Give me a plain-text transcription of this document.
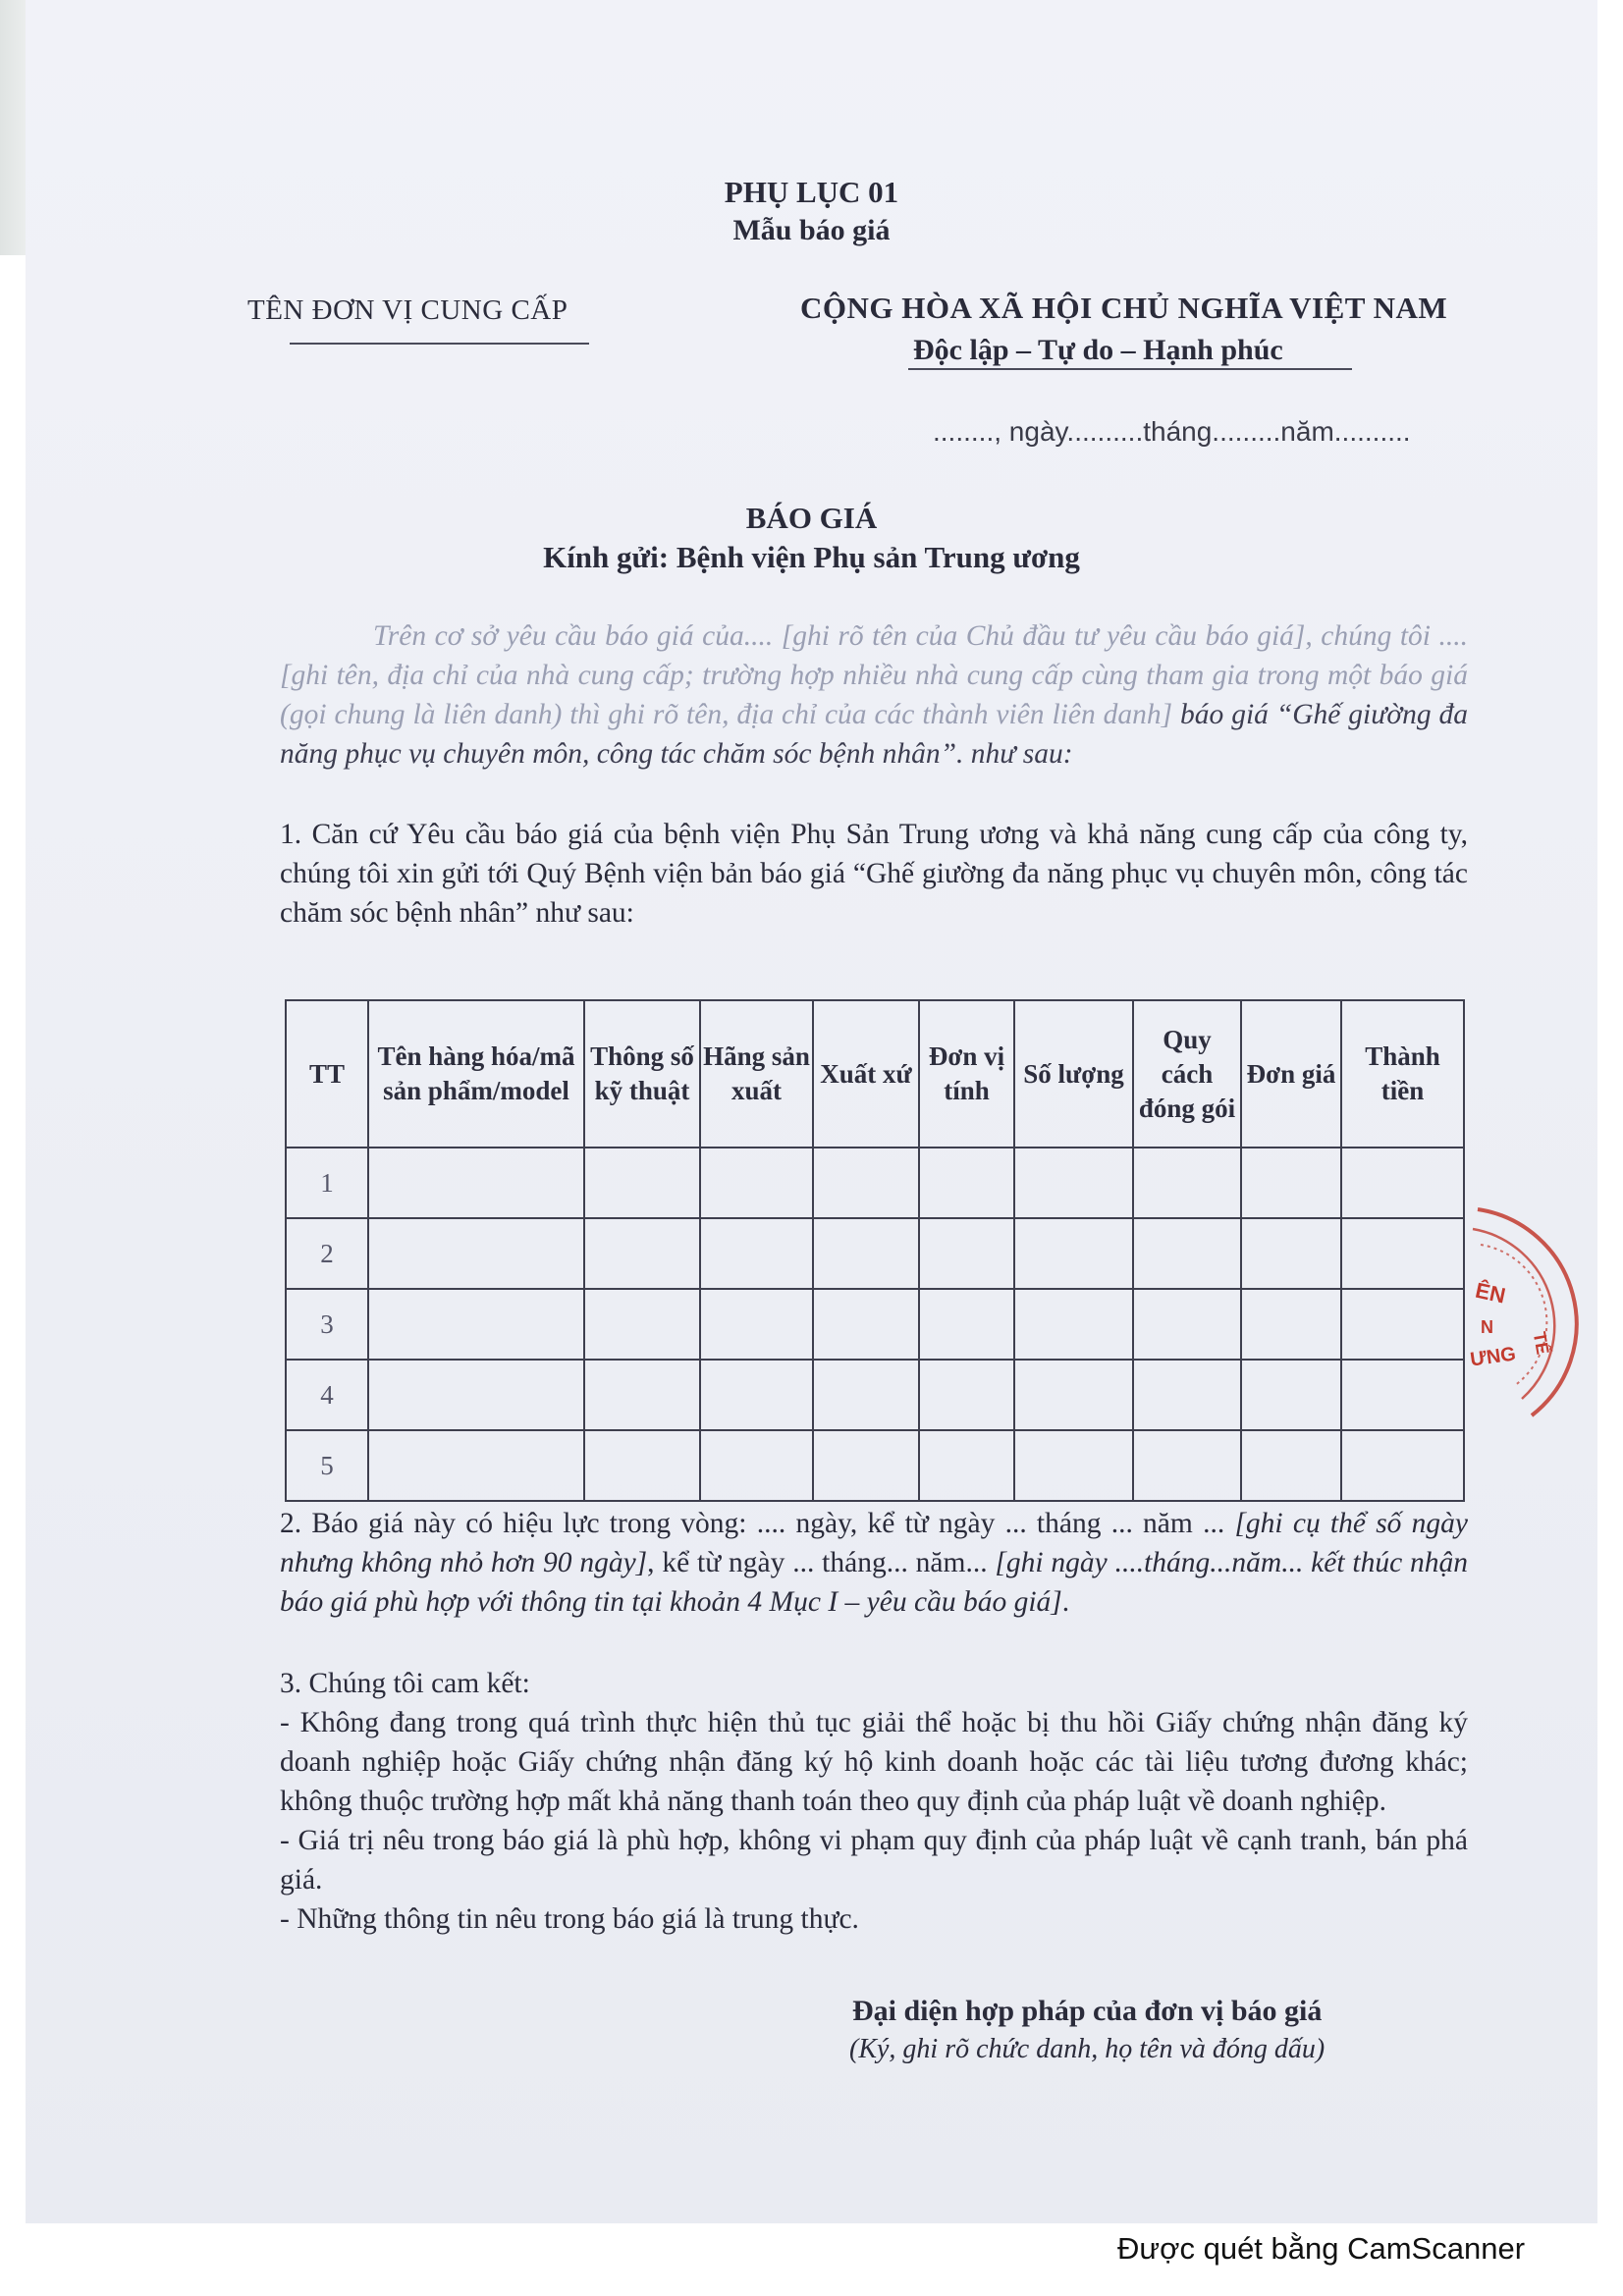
PHỤ LỤC 01
Mẫu báo giá
TÊN ĐƠN VỊ CUNG CẤP	CỘNG HÒA XÃ HỘI CHỦ NGHĨA VIỆT NAM
Độc lập – Tự do – Hạnh phúc
........, ngày..........tháng.........năm..........
BÁO GIÁ
Kính gửi: Bệnh viện Phụ sản Trung ương
Trên cơ sở yêu cầu báo giá của.... [ghi rõ tên của Chủ đầu tư yêu cầu báo giá], chúng tôi .... [ghi tên, địa chỉ của nhà cung cấp; trường hợp nhiều nhà cung cấp cùng tham gia trong một báo giá (gọi chung là liên danh) thì ghi rõ tên, địa chỉ của các thành viên liên danh] báo giá “Ghế giường đa năng phục vụ chuyên môn, công tác chăm sóc bệnh nhân”. như sau:
1. Căn cứ Yêu cầu báo giá của bệnh viện Phụ Sản Trung ương và khả năng cung cấp của công ty, chúng tôi xin gửi tới Quý Bệnh viện bản báo giá “Ghế giường đa năng phục vụ chuyên môn, công tác chăm sóc bệnh nhân” như sau:
TT	Tên hàng hóa/mã sản phẩm/model	Thông số kỹ thuật	Hãng sản xuất	Xuất xứ	Đơn vị tính	Số lượng	Quy cách đóng gói	Đơn giá	Thành tiền
1									
2									
3									
4									
5									
2. Báo giá này có hiệu lực trong vòng: .... ngày, kể từ ngày ... tháng ... năm ... [ghi cụ thể số ngày nhưng không nhỏ hơn 90 ngày], kể từ ngày ... tháng... năm... [ghi ngày ....tháng...năm... kết thúc nhận báo giá phù hợp với thông tin tại khoản 4 Mục I – yêu cầu báo giá].
3. Chúng tôi cam kết:
- Không đang trong quá trình thực hiện thủ tục giải thể hoặc bị thu hồi Giấy chứng nhận đăng ký doanh nghiệp hoặc Giấy chứng nhận đăng ký hộ kinh doanh hoặc các tài liệu tương đương khác; không thuộc trường hợp mất khả năng thanh toán theo quy định của pháp luật về doanh nghiệp.
- Giá trị nêu trong báo giá là phù hợp, không vi phạm quy định của pháp luật về cạnh tranh, bán phá giá.
- Những thông tin nêu trong báo giá là trung thực.
Đại diện hợp pháp của đơn vị báo giá
(Ký, ghi rõ chức danh, họ tên và đóng dấu)
ÊN
N
ƯNG
TẾ
Được quét bằng CamScanner
